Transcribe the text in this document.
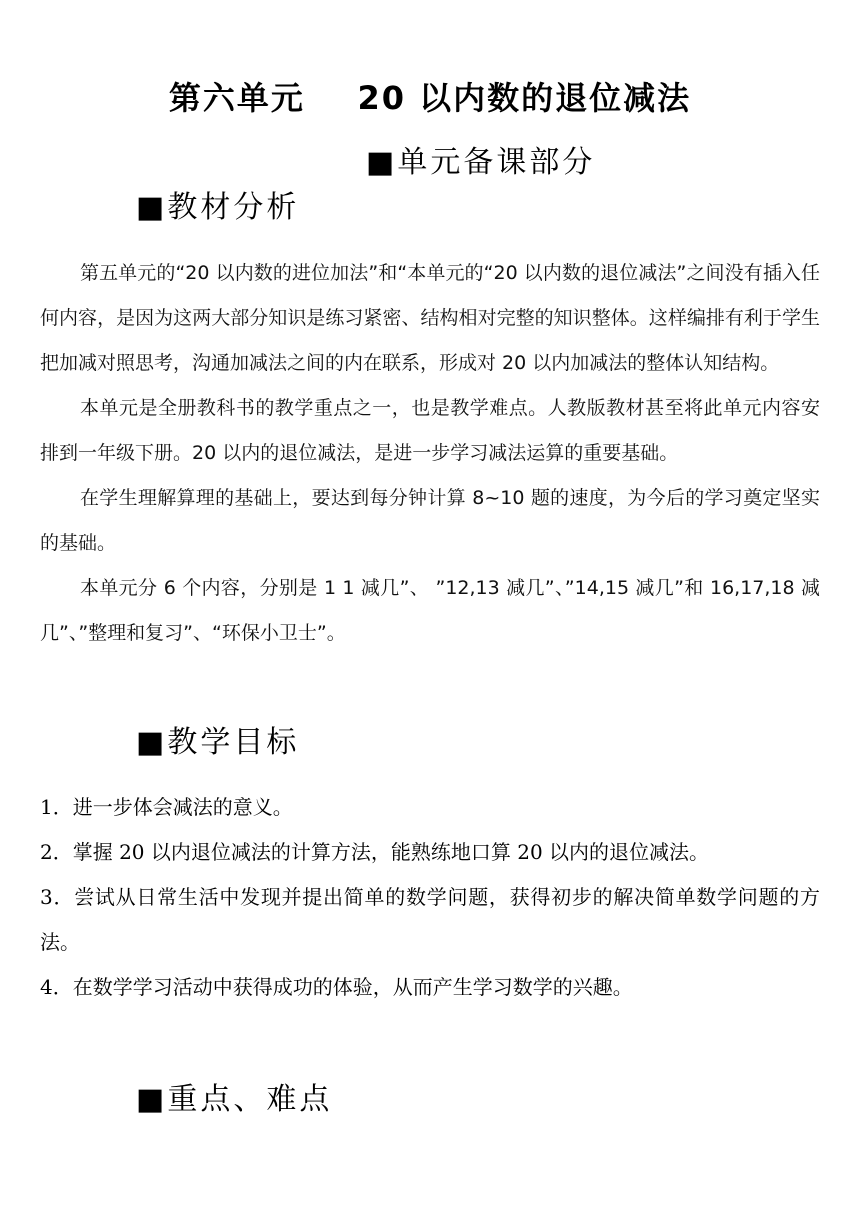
第六单元    20 以内数的退位减法
■单元备课部分
■教材分析

第五单元的“20 以内数的进位加法”和“本单元的“20 以内数的退位减法”之间没有插入任何内容，是因为这两大部分知识是练习紧密、结构相对完整的知识整体。这样编排有利于学生把加减对照思考，沟通加减法之间的内在联系，形成对 20 以内加减法的整体认知结构。

本单元是全册教科书的教学重点之一，也是教学难点。人教版教材甚至将此单元内容安排到一年级下册。20 以内的退位减法，是进一步学习减法运算的重要基础。

在学生理解算理的基础上，要达到每分钟计算 8~10 题的速度，为今后的学习奠定坚实的基础。

本单元分 6 个内容，分别是 1 1 减几”、 ”12,13 减几”、”14,15 减几”和 16,17,18 减几”、”整理和复习”、“环保小卫士”。

■教学目标
1．进一步体会减法的意义。
2．掌握 20 以内退位减法的计算方法，能熟练地口算 20 以内的退位减法。
3．尝试从日常生活中发现并提出简单的数学问题，获得初步的解决简单数学问题的方法。
4．在数学学习活动中获得成功的体验，从而产生学习数学的兴趣。
■重点、难点
